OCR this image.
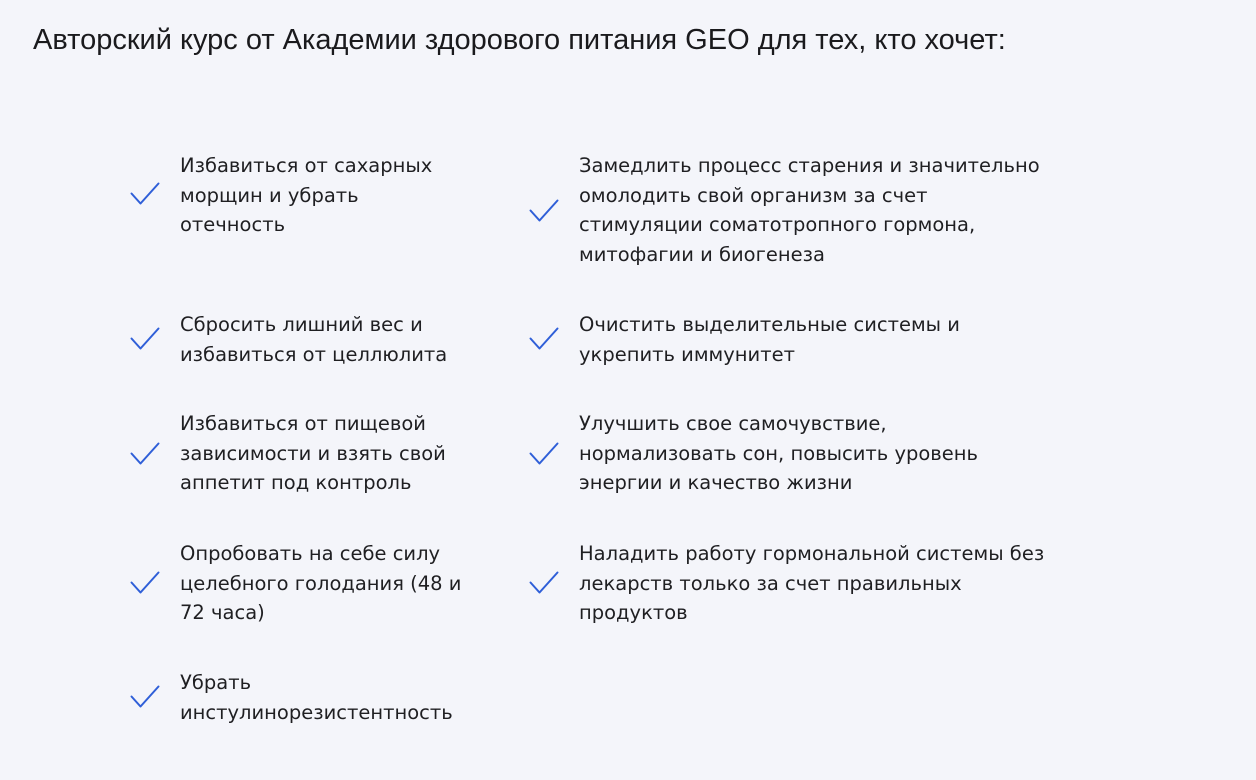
Авторский курс от Академии здорового питания GEO для тех, кто хочет:
Избавиться от сахарных
морщин и убрать
отечность
Сбросить лишний вес и
избавиться от целлюлита
Избавиться от пищевой
зависимости и взять свой
аппетит под контроль
Опробовать на себе силу
целебного голодания (48 и
72 часа)
Убрать
инстулинорезистентность
Замедлить процесс старения и значительно
омолодить свой организм за счет
стимуляции соматотропного гормона,
митофагии и биогенеза
Очистить выделительные системы и
укрепить иммунитет
Улучшить свое самочувствие,
нормализовать сон, повысить уровень
энергии и качество жизни
Наладить работу гормональной системы без
лекарств только за счет правильных
продуктов
